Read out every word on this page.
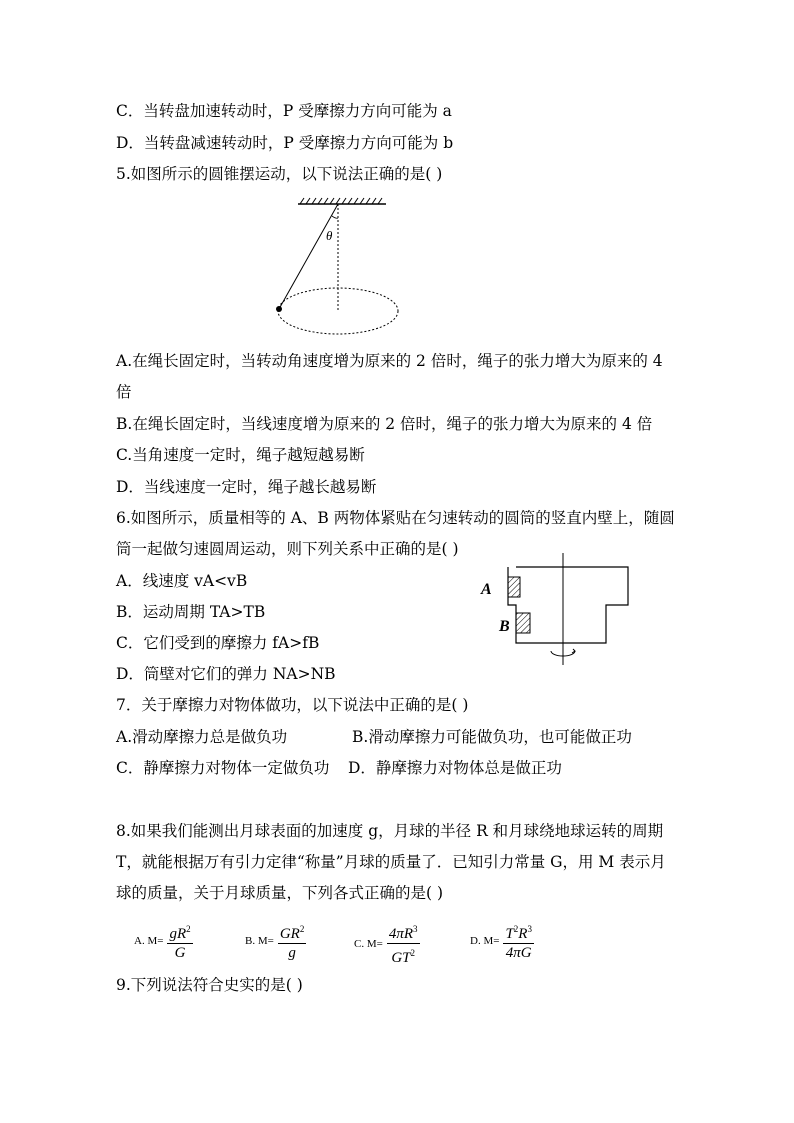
C．当转盘加速转动时，P 受摩擦力方向可能为 a
D．当转盘减速转动时，P 受摩擦力方向可能为 b
5.如图所示的圆锥摆运动，以下说法正确的是( )
θ
A.在绳长固定时，当转动角速度增为原来的 2 倍时，绳子的张力增大为原来的 4
倍
B.在绳长固定时，当线速度增为原来的 2 倍时，绳子的张力增大为原来的 4 倍
C.当角速度一定时，绳子越短越易断
D．当线速度一定时，绳子越长越易断
6.如图所示，质量相等的 A、B 两物体紧贴在匀速转动的圆筒的竖直内壁上，随圆
筒一起做匀速圆周运动，则下列关系中正确的是( )
A．线速度 vA<vB
B．运动周期 TA>TB
C．它们受到的摩擦力 fA>fB
D．筒壁对它们的弹力 NA>NB
A
B
7．关于摩擦力对物体做功，以下说法中正确的是( )
A.滑动摩擦力总是做负功	B.滑动摩擦力可能做负功，也可能做正功
C．静摩擦力对物体一定做负功 D．静摩擦力对物体总是做正功
8.如果我们能测出月球表面的加速度 g，月球的半径 R 和月球绕地球运转的周期
T，就能根据万有引力定律“称量”月球的质量了．已知引力常量 G，用 M 表示月
球的质量，关于月球质量，下列各式正确的是( )
A. $M= \frac{gR^2}{G}$	B. $M= \frac{GR^2}{g}$	C. $M= \frac{4\pi R^3}{GT^2}$	D. $M= \frac{T^2R^3}{4\pi G}$
9.下列说法符合史实的是( )
